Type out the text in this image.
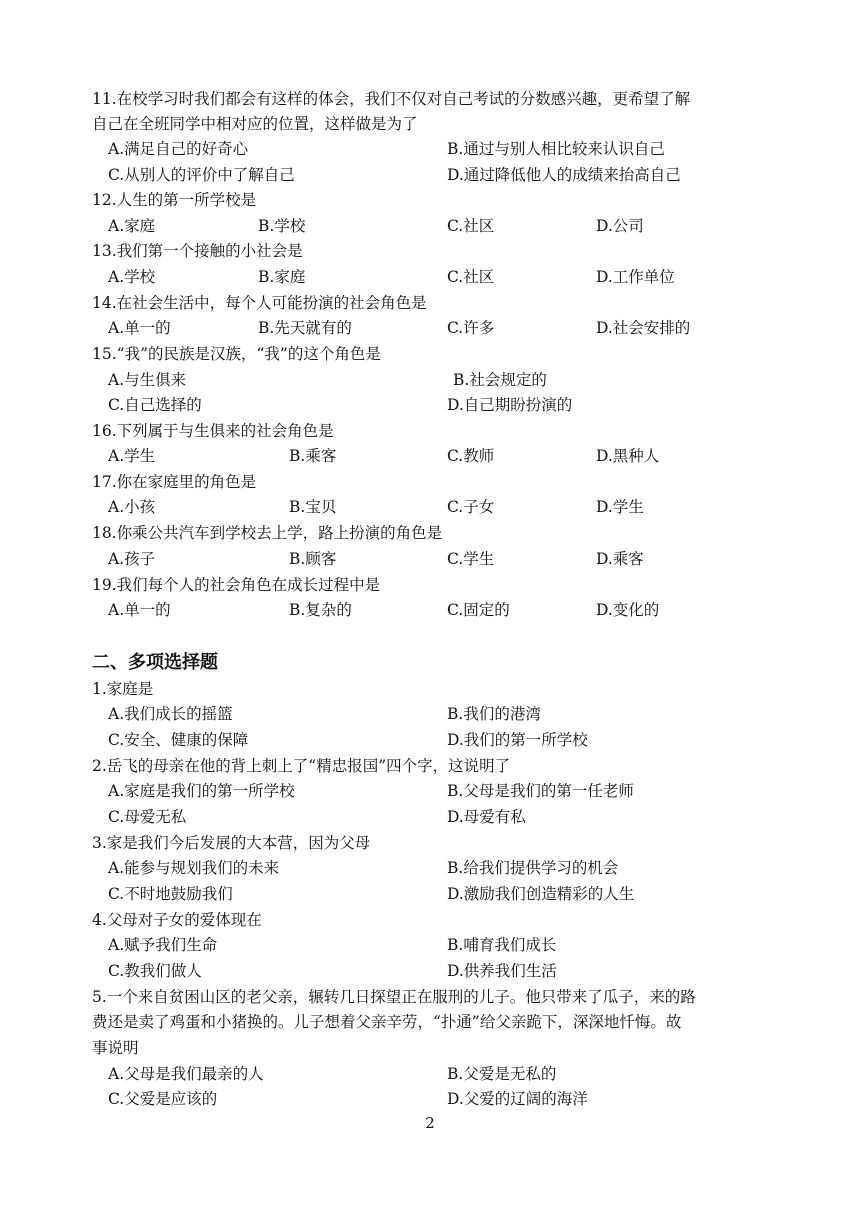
11.在校学习时我们都会有这样的体会，我们不仅对自己考试的分数感兴趣，更希望了解
自己在全班同学中相对应的位置，这样做是为了
A.满足自己的好奇心	B.通过与别人相比较来认识自己
C.从别人的评价中了解自己	D.通过降低他人的成绩来抬高自己
12.人生的第一所学校是
A.家庭	B.学校	C.社区	D.公司
13.我们第一个接触的小社会是
A.学校	B.家庭	C.社区	D.工作单位
14.在社会生活中，每个人可能扮演的社会角色是
A.单一的	B.先天就有的	C.许多	D.社会安排的
15.“我”的民族是汉族，“我”的这个角色是
A.与生俱来	B.社会规定的
C.自己选择的	D.自己期盼扮演的
16.下列属于与生俱来的社会角色是
A.学生	B.乘客	C.教师	D.黑种人
17.你在家庭里的角色是
A.小孩	B.宝贝	C.子女	D.学生
18.你乘公共汽车到学校去上学，路上扮演的角色是
A.孩子	B.顾客	C.学生	D.乘客
19.我们每个人的社会角色在成长过程中是
A.单一的	B.复杂的	C.固定的	D.变化的
二、多项选择题
1.家庭是
A.我们成长的摇篮	B.我们的港湾
C.安全、健康的保障	D.我们的第一所学校
2.岳飞的母亲在他的背上刺上了“精忠报国”四个字，这说明了
A.家庭是我们的第一所学校	B.父母是我们的第一任老师
C.母爱无私	D.母爱有私
3.家是我们今后发展的大本营，因为父母
A.能参与规划我们的未来	B.给我们提供学习的机会
C.不时地鼓励我们	D.激励我们创造精彩的人生
4.父母对子女的爱体现在
A.赋予我们生命	B.哺育我们成长
C.教我们做人	D.供养我们生活
5.一个来自贫困山区的老父亲，辗转几日探望正在服刑的儿子。他只带来了瓜子，来的路
费还是卖了鸡蛋和小猪换的。儿子想着父亲辛劳，“扑通”给父亲跪下，深深地忏悔。故
事说明
A.父母是我们最亲的人	B.父爱是无私的
C.父爱是应该的	D.父爱的辽阔的海洋
2
